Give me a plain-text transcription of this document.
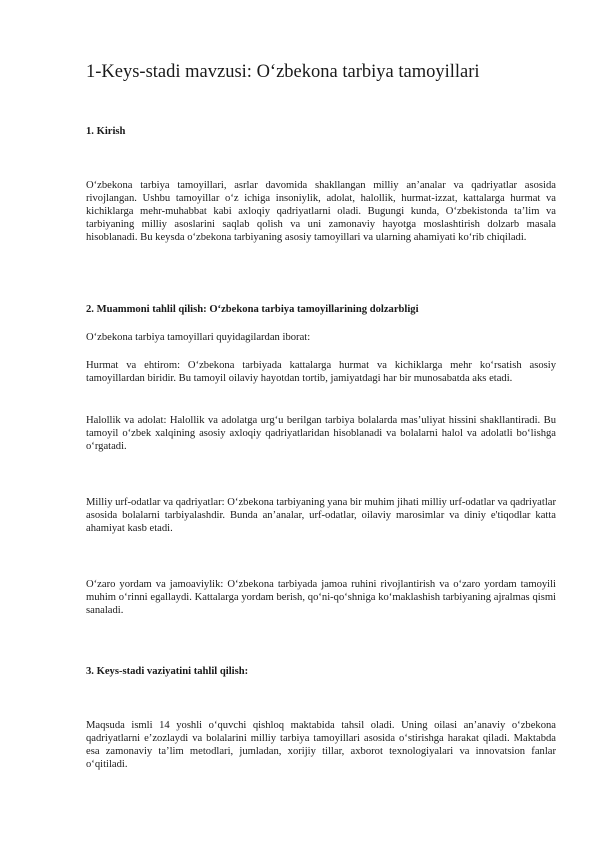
1-Keys-stadi mavzusi: O‘zbekona tarbiya tamoyillari
1. Kirish

O‘zbekona tarbiya tamoyillari, asrlar davomida shakllangan milliy an’analar va qadriyatlar asosida rivojlangan. Ushbu tamoyillar o‘z ichiga insoniylik, adolat, halollik, hurmat-izzat, kattalarga hurmat va kichiklarga mehr-muhabbat kabi axloqiy qadriyatlarni oladi. Bugungi kunda, O‘zbekistonda ta’lim va tarbiyaning milliy asoslarini saqlab qolish va uni zamonaviy hayotga moslashtirish dolzarb masala hisoblanadi. Bu keysda o‘zbekona tarbiyaning asosiy tamoyillari va ularning ahamiyati ko‘rib chiqiladi.

2. Muammoni tahlil qilish: O‘zbekona tarbiya tamoyillarining dolzarbligi

O‘zbekona tarbiya tamoyillari quyidagilardan iborat:

Hurmat va ehtirom: O‘zbekona tarbiyada kattalarga hurmat va kichiklarga mehr ko‘rsatish asosiy tamoyillardan biridir. Bu tamoyil oilaviy hayotdan tortib, jamiyatdagi har bir munosabatda aks etadi.

Halollik va adolat: Halollik va adolatga urg‘u berilgan tarbiya bolalarda mas’uliyat hissini shakllantiradi. Bu tamoyil o‘zbek xalqining asosiy axloqiy qadriyatlaridan hisoblanadi va bolalarni halol va adolatli bo‘lishga o‘rgatadi.

Milliy urf-odatlar va qadriyatlar: O‘zbekona tarbiyaning yana bir muhim jihati milliy urf-odatlar va qadriyatlar asosida bolalarni tarbiyalashdir. Bunda an’analar, urf-odatlar, oilaviy marosimlar va diniy e'tiqodlar katta ahamiyat kasb etadi.

O‘zaro yordam va jamoaviylik: O‘zbekona tarbiyada jamoa ruhini rivojlantirish va o‘zaro yordam tamoyili muhim o‘rinni egallaydi. Kattalarga yordam berish, qo‘ni-qo‘shniga ko‘maklashish tarbiyaning ajralmas qismi sanaladi.

3. Keys-stadi vaziyatini tahlil qilish:

Maqsuda ismli 14 yoshli o‘quvchi qishloq maktabida tahsil oladi. Uning oilasi an’anaviy o‘zbekona qadriyatlarni e’zozlaydi va bolalarini milliy tarbiya tamoyillari asosida o‘stirishga harakat qiladi. Maktabda esa zamonaviy ta’lim metodlari, jumladan, xorijiy tillar, axborot texnologiyalari va innovatsion fanlar o‘qitiladi.
